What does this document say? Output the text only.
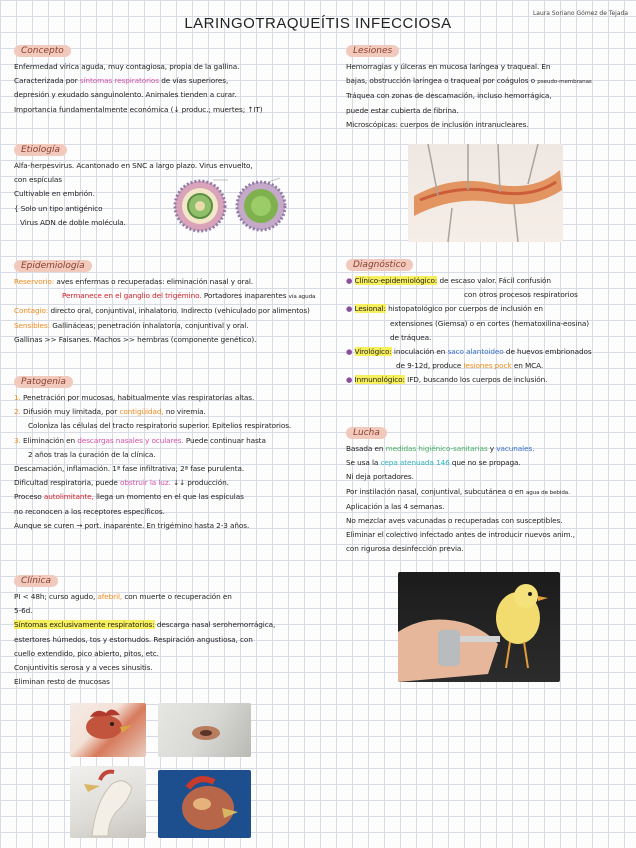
Laura Soriano Gómez de Tejada
LARINGOTRAQUEÍTIS INFECCIOSA
Concepto
Enfermedad vírica aguda, muy contagiosa, propia de la gallina.
Caracterizada por síntomas respiratorios de vías superiores,
depresión y exudado sanguinolento. Animales tienden a curar.
Importancia fundamentalmente económica (↓ produc.; muertes; ↑IT)
Etiología
Alfa-herpesvirus. Acantonado en SNC a largo plazo. Virus envuelto,
con espículas
Cultivable en embrión.
{ Solo un tipo antigénico
Virus ADN de doble molécula.
Epidemiología
Reservorio: aves enfermas o recuperadas: eliminación nasal y oral.
Permanece en el ganglio del trigémino. Portadores inaparentes vía aguda
Contagio: directo oral, conjuntival, inhalatorio. Indirecto (vehiculado por alimentos)
Sensibles: Gallináceas; penetración inhalatoria, conjuntival y oral.
Gallinas >> Faisanes. Machos >> hembras (componente genético).
Patogenia
1. Penetración por mucosas, habitualmente vías respiratorias altas.
2. Difusión muy limitada, por contigüidad, no viremia.
Coloniza las células del tracto respiratorio superior. Epitelios respiratorios.
3. Eliminación en descargas nasales y oculares. Puede continuar hasta
2 años tras la curación de la clínica.
Descamación, inflamación. 1ª fase infiltrativa; 2ª fase purulenta.
Dificultad respiratoria, puede obstruir la luz. ↓↓ producción.
Proceso autolimitante, llega un momento en el que las espículas
no reconocen a los receptores específicos.
Aunque se curen → port. inaparente. En trigémino hasta 2-3 años.
Clínica
PI < 48h; curso agudo, afebril, con muerte o recuperación en
5-6d.
Síntomas exclusivamente respiratorios: descarga nasal serohemorrágica,
estertores húmedos, tos y estornudos. Respiración angustiosa, con
cuello extendido, pico abierto, pitos, etc.
Conjuntivitis serosa y a veces sinusitis.
Eliminan resto de mucosas
Lesiones
Hemorragias y úlceras en mucosa laríngea y traqueal. En
bajas, obstrucción laríngea o traqueal por coágulos o pseudo-membranas
Tráquea con zonas de descamación, incluso hemorrágica,
puede estar cubierta de fibrina.
Microscópicas: cuerpos de inclusión intranucleares.
Diagnóstico
● Clínico-epidemiológico: de escaso valor. Fácil confusión
con otros procesos respiratorios
● Lesional: histopatológico por cuerpos de inclusión en
extensiones (Giemsa) o en cortes (hematoxilina-eosina)
de tráquea.
● Virológico: inoculación en saco alantoideo de huevos embrionados
de 9-12d, produce lesiones pock en MCA.
● Inmunológico: IFD, buscando los cuerpos de inclusión.
Lucha
Basada en medidas higiénico-sanitarias y vacunales.
Se usa la cepa atenuada 146 que no se propaga.
Ni deja portadores.
Por instilación nasal, conjuntival, subcutánea o en agua de bebida.
Aplicación a las 4 semanas.
No mezclar aves vacunadas o recuperadas con susceptibles.
Eliminar el colectivo infectado antes de introducir nuevos anim.,
con rigurosa desinfección previa.
